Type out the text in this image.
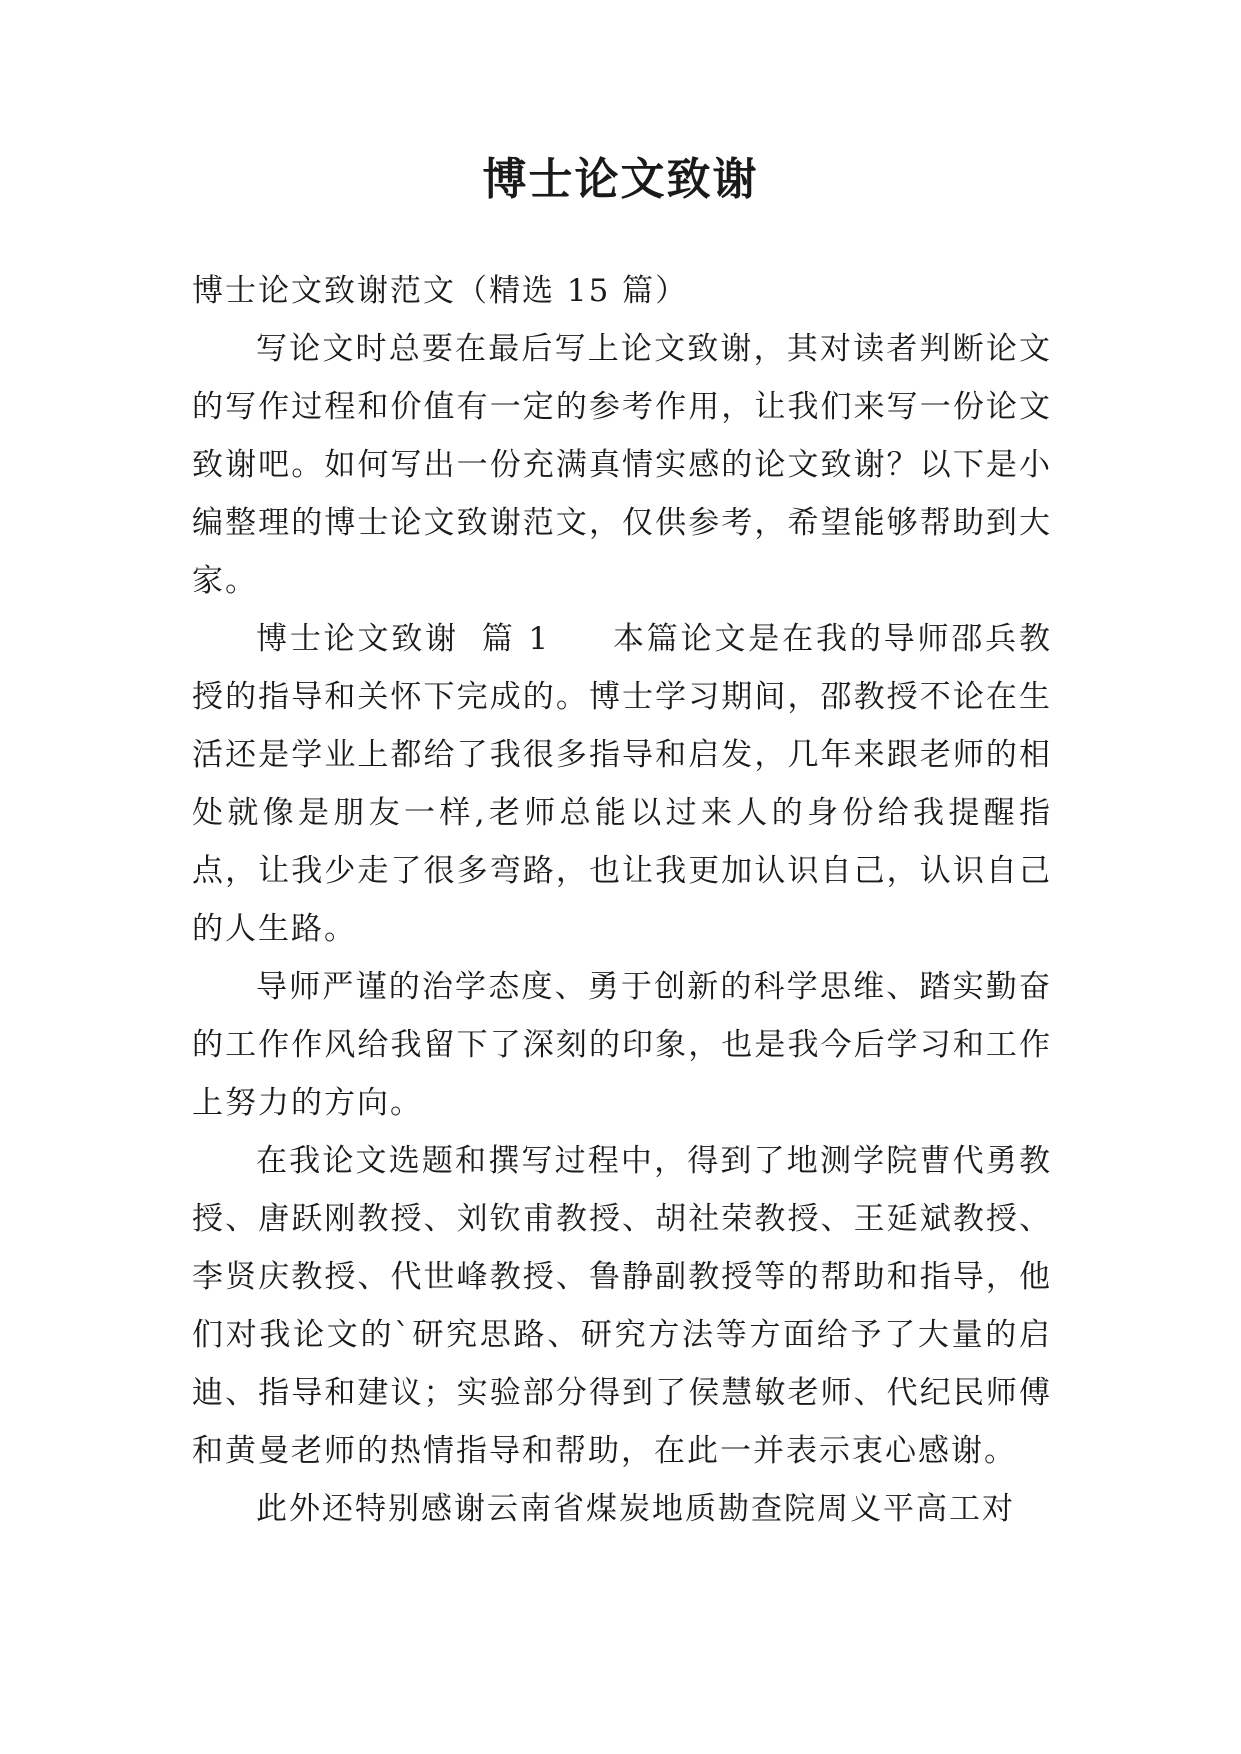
博士论文致谢

博士论文致谢范文（精选 15 篇）

写论文时总要在最后写上论文致谢，其对读者判断论文的写作过程和价值有一定的参考作用，让我们来写一份论文致谢吧。如何写出一份充满真情实感的论文致谢？以下是小编整理的博士论文致谢范文，仅供参考，希望能够帮助到大家。

博士论文致谢 篇 1 本篇论文是在我的导师邵兵教授的指导和关怀下完成的。博士学习期间，邵教授不论在生活还是学业上都给了我很多指导和启发，几年来跟老师的相处就像是朋友一样,老师总能以过来人的身份给我提醒指点，让我少走了很多弯路，也让我更加认识自己，认识自己的人生路。

导师严谨的治学态度、勇于创新的科学思维、踏实勤奋的工作作风给我留下了深刻的印象，也是我今后学习和工作上努力的方向。

在我论文选题和撰写过程中，得到了地测学院曹代勇教授、唐跃刚教授、刘钦甫教授、胡社荣教授、王延斌教授、李贤庆教授、代世峰教授、鲁静副教授等的帮助和指导，他们对我论文的`研究思路、研究方法等方面给予了大量的启迪、指导和建议；实验部分得到了侯慧敏老师、代纪民师傅和黄曼老师的热情指导和帮助，在此一并表示衷心感谢。

此外还特别感谢云南省煤炭地质勘查院周义平高工对
